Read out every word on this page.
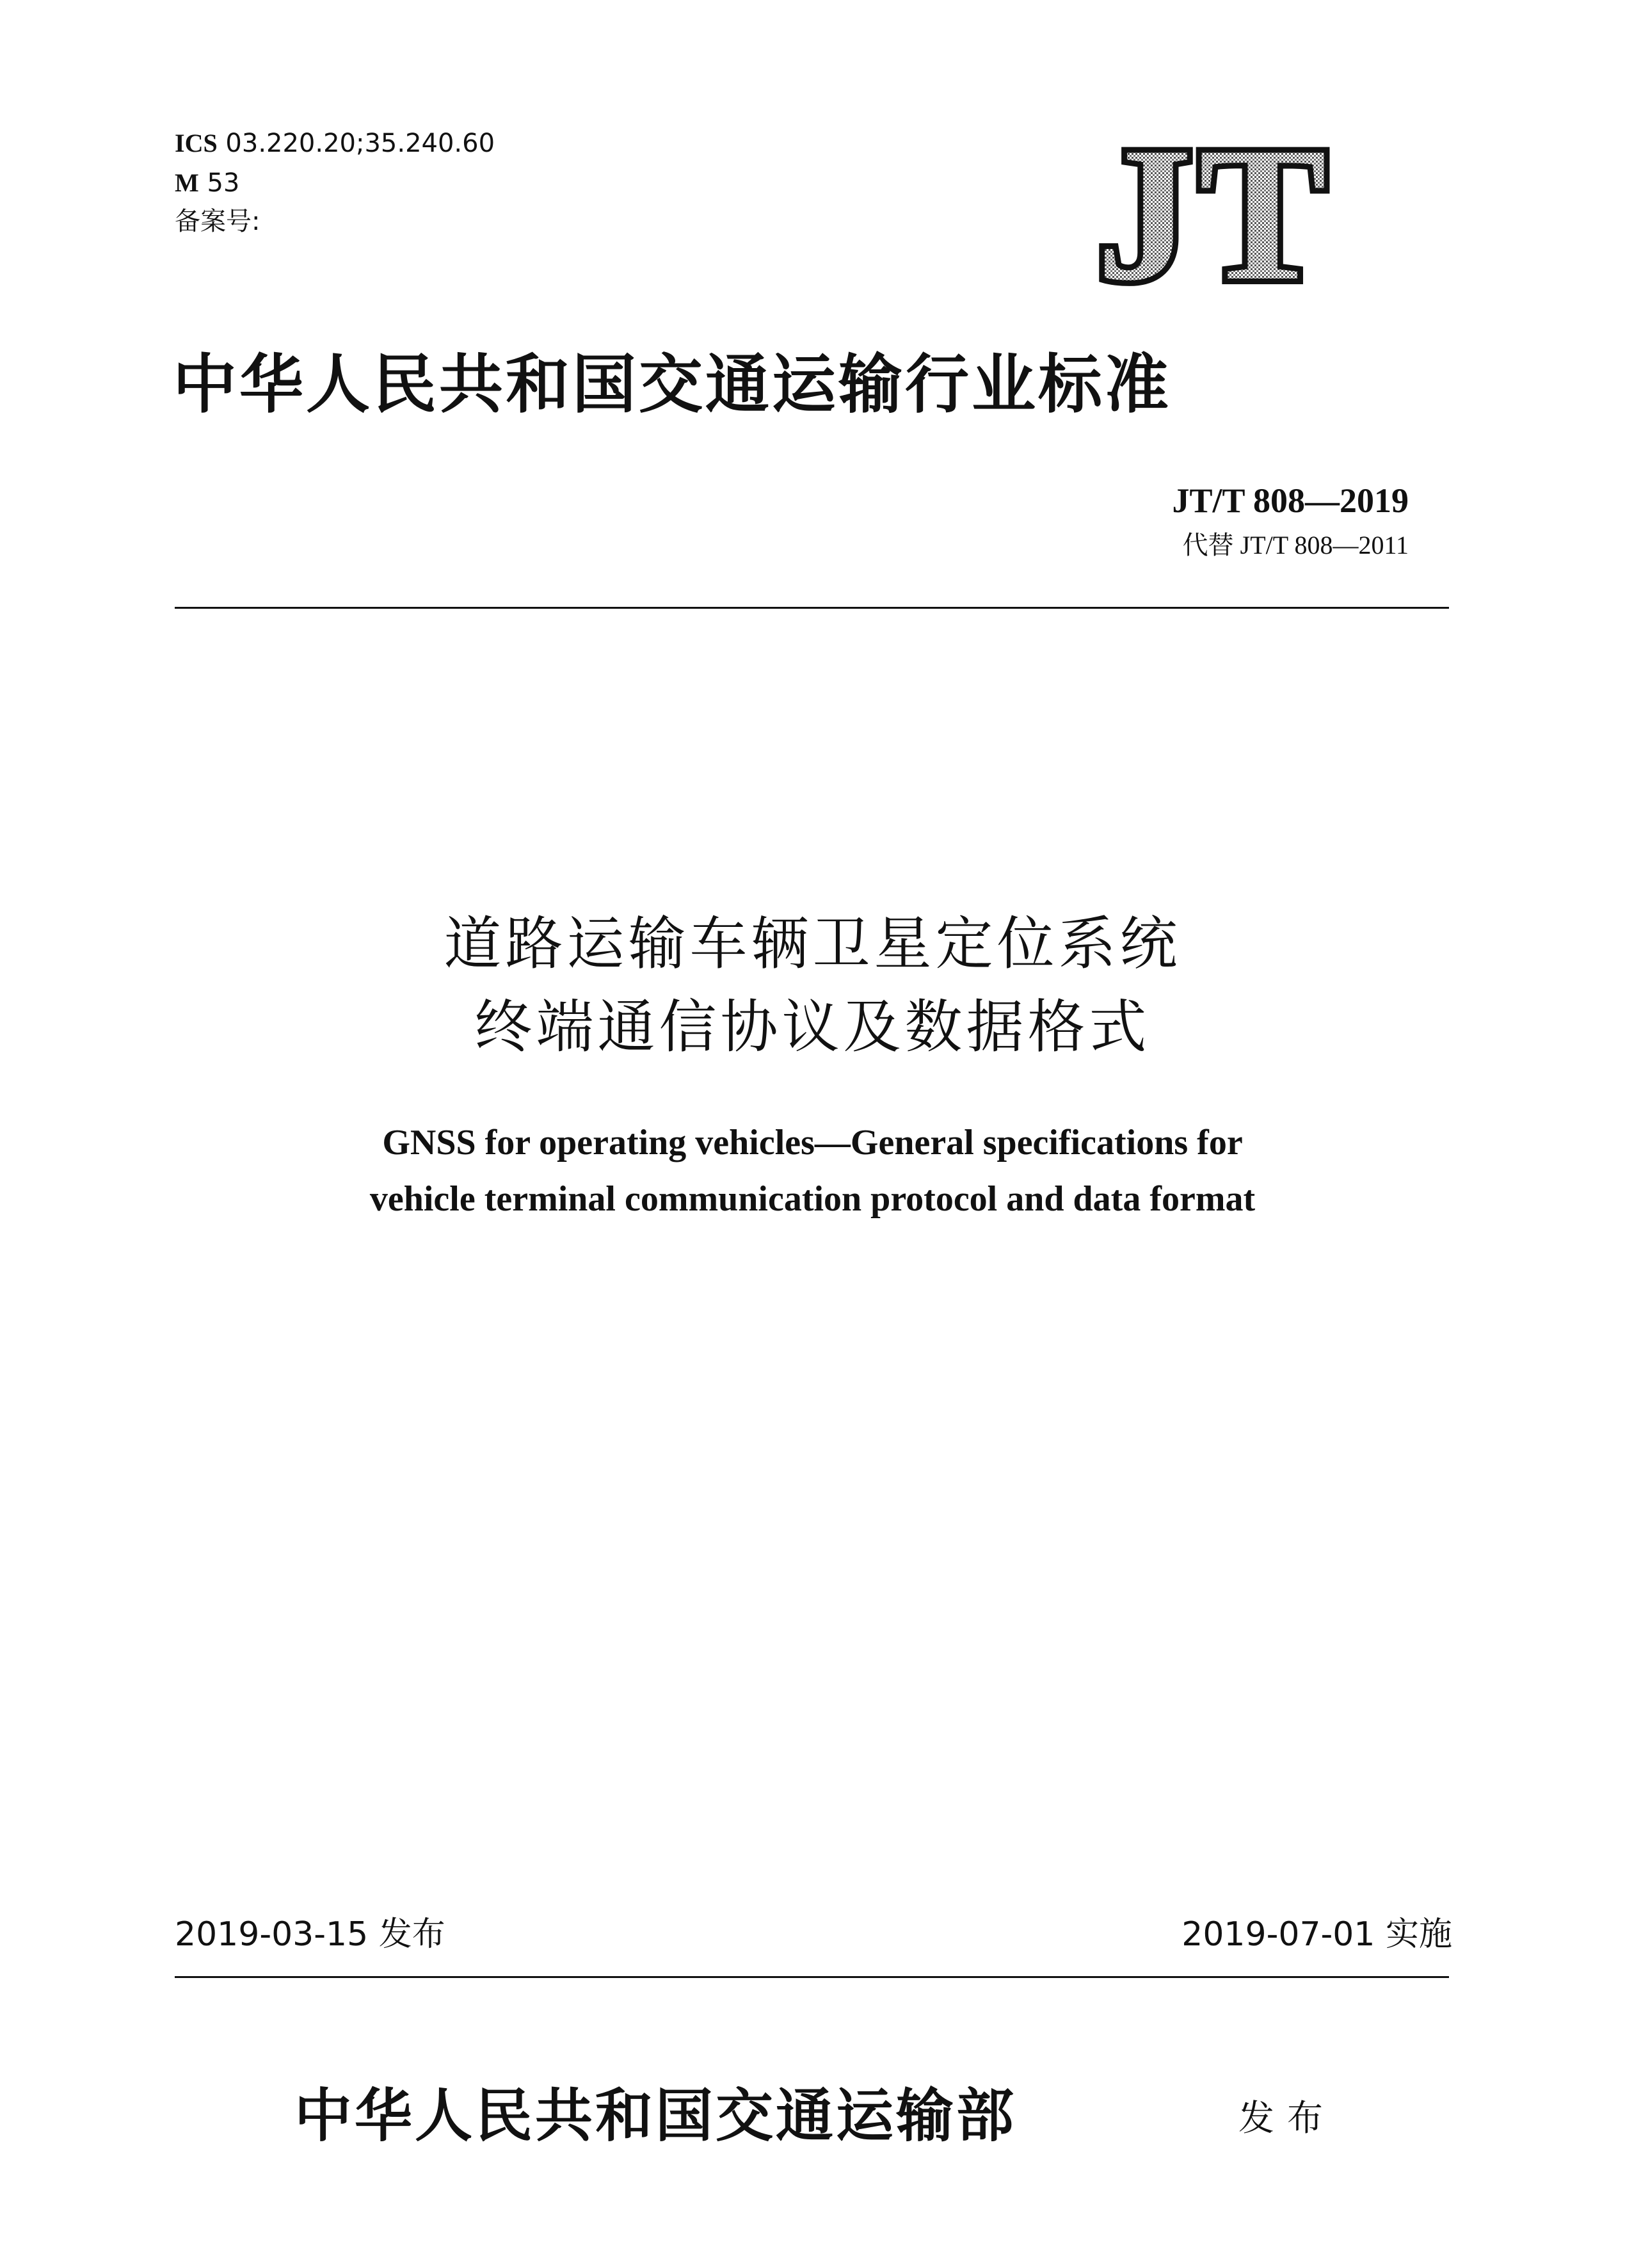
ICS 03.220.20;35.240.60
M 53
备案号:	JT
中华人民共和国交通运输行业标准
JT/T 808—2019
代替 JT/T 808—2011
道路运输车辆卫星定位系统
终端通信协议及数据格式
GNSS for operating vehicles—General specifications for
vehicle terminal communication protocol and data format
2019-03-15 发布	2019-07-01 实施
中华人民共和国交通运输部	发布
